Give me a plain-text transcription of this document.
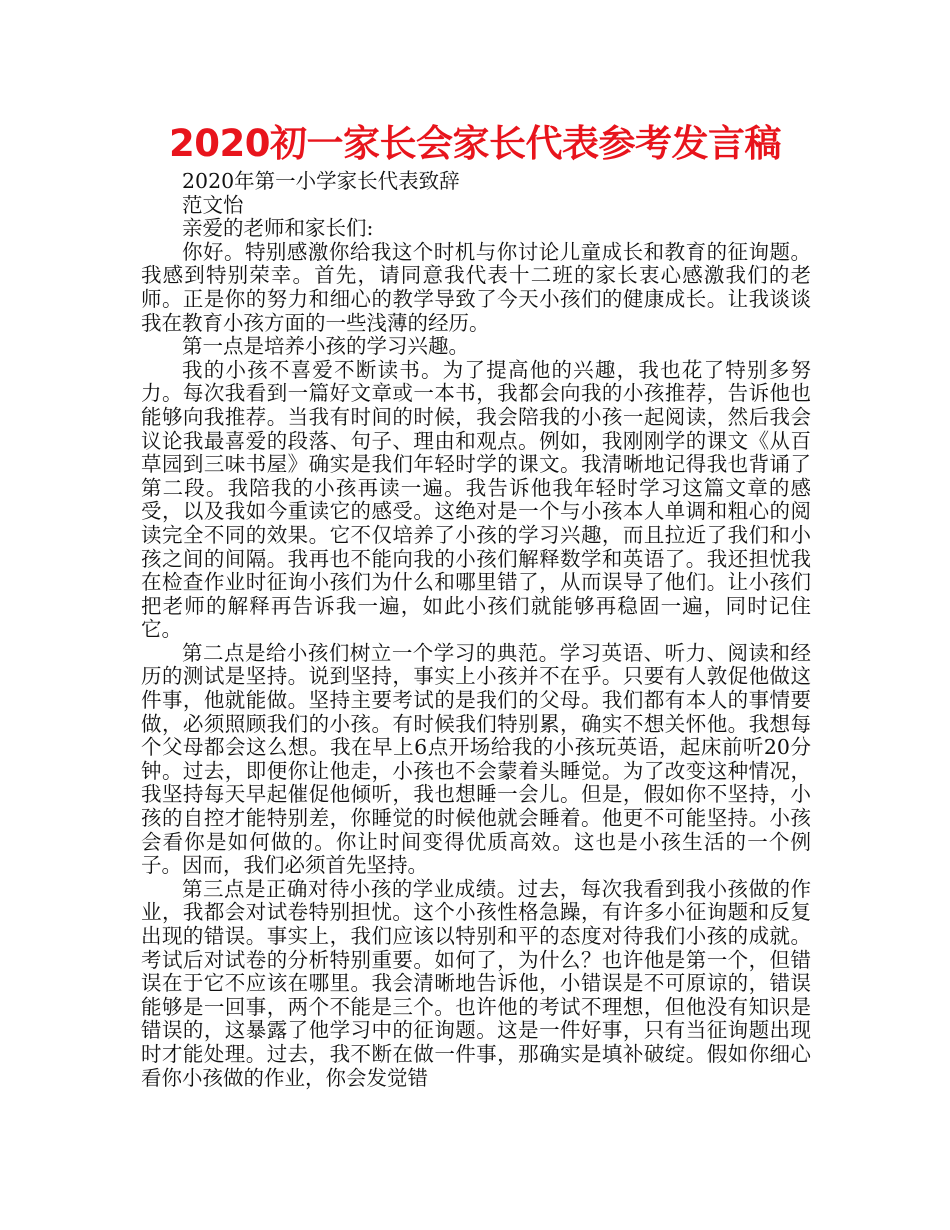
2020初一家长会家长代表参考发言稿

2020年第一小学家长代表致辞

范文怡

亲爱的老师和家长们:

你好。特别感激你给我这个时机与你讨论儿童成长和教育的征询题。我感到特别荣幸。首先，请同意我代表十二班的家长衷心感激我们的老师。正是你的努力和细心的教学导致了今天小孩们的健康成长。让我谈谈我在教育小孩方面的一些浅薄的经历。

第一点是培养小孩的学习兴趣。

我的小孩不喜爱不断读书。为了提高他的兴趣，我也花了特别多努力。每次我看到一篇好文章或一本书，我都会向我的小孩推荐，告诉他也能够向我推荐。当我有时间的时候，我会陪我的小孩一起阅读，然后我会议论我最喜爱的段落、句子、理由和观点。例如，我刚刚学的课文《从百草园到三味书屋》确实是我们年轻时学的课文。我清晰地记得我也背诵了第二段。我陪我的小孩再读一遍。我告诉他我年轻时学习这篇文章的感受，以及我如今重读它的感受。这绝对是一个与小孩本人单调和粗心的阅读完全不同的效果。它不仅培养了小孩的学习兴趣，而且拉近了我们和小孩之间的间隔。我再也不能向我的小孩们解释数学和英语了。我还担忧我在检查作业时征询小孩们为什么和哪里错了，从而误导了他们。让小孩们把老师的解释再告诉我一遍，如此小孩们就能够再稳固一遍，同时记住它。

第二点是给小孩们树立一个学习的典范。学习英语、听力、阅读和经历的测试是坚持。说到坚持，事实上小孩并不在乎。只要有人敦促他做这件事，他就能做。坚持主要考试的是我们的父母。我们都有本人的事情要做，必须照顾我们的小孩。有时候我们特别累，确实不想关怀他。我想每个父母都会这么想。我在早上6点开场给我的小孩玩英语，起床前听20分钟。过去，即便你让他走，小孩也不会蒙着头睡觉。为了改变这种情况，我坚持每天早起催促他倾听，我也想睡一会儿。但是，假如你不坚持，小孩的自控才能特别差，你睡觉的时候他就会睡着。他更不可能坚持。小孩会看你是如何做的。你让时间变得优质高效。这也是小孩生活的一个例子。因而，我们必须首先坚持。

第三点是正确对待小孩的学业成绩。过去，每次我看到我小孩做的作业，我都会对试卷特别担忧。这个小孩性格急躁，有许多小征询题和反复出现的错误。事实上，我们应该以特别和平的态度对待我们小孩的成就。考试后对试卷的分析特别重要。如何了，为什么？也许他是第一个，但错误在于它不应该在哪里。我会清晰地告诉他，小错误是不可原谅的，错误能够是一回事，两个不能是三个。也许他的考试不理想，但他没有知识是错误的，这暴露了他学习中的征询题。这是一件好事，只有当征询题出现时才能处理。过去，我不断在做一件事，那确实是填补破绽。假如你细心看你小孩做的作业，你会发觉错
